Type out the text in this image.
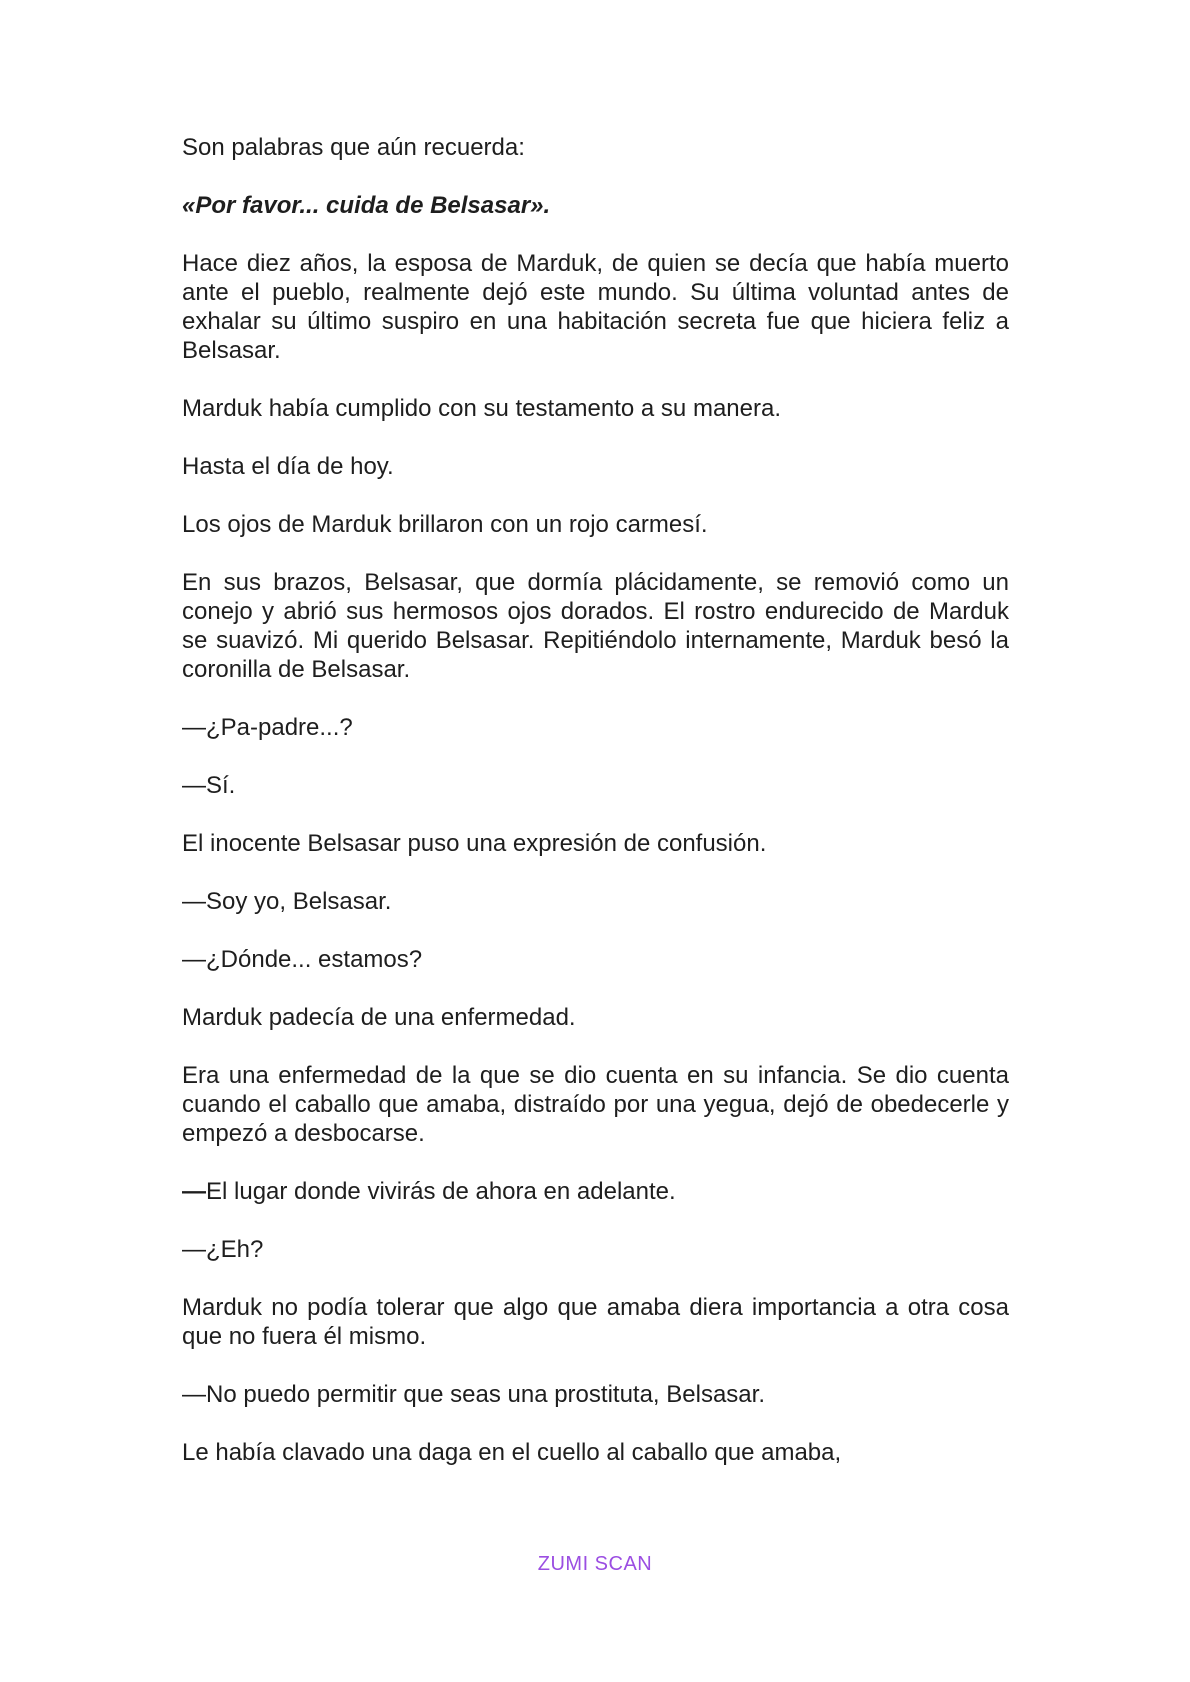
Son palabras que aún recuerda:

«Por favor... cuida de Belsasar».

Hace diez años, la esposa de Marduk, de quien se decía que había muerto ante el pueblo, realmente dejó este mundo. Su última voluntad antes de exhalar su último suspiro en una habitación secreta fue que hiciera feliz a Belsasar.

Marduk había cumplido con su testamento a su manera.

Hasta el día de hoy.

Los ojos de Marduk brillaron con un rojo carmesí.

En sus brazos, Belsasar, que dormía plácidamente, se removió como un conejo y abrió sus hermosos ojos dorados. El rostro endurecido de Marduk se suavizó. Mi querido Belsasar. Repitiéndolo internamente, Marduk besó la coronilla de Belsasar.

—¿Pa-padre...?

—Sí.

El inocente Belsasar puso una expresión de confusión.

—Soy yo, Belsasar.

—¿Dónde... estamos?

Marduk padecía de una enfermedad.

Era una enfermedad de la que se dio cuenta en su infancia. Se dio cuenta cuando el caballo que amaba, distraído por una yegua, dejó de obedecerle y empezó a desbocarse.

—El lugar donde vivirás de ahora en adelante.

—¿Eh?

Marduk no podía tolerar que algo que amaba diera importancia a otra cosa que no fuera él mismo.

—No puedo permitir que seas una prostituta, Belsasar.

Le había clavado una daga en el cuello al caballo que amaba,

ZUMI SCAN
